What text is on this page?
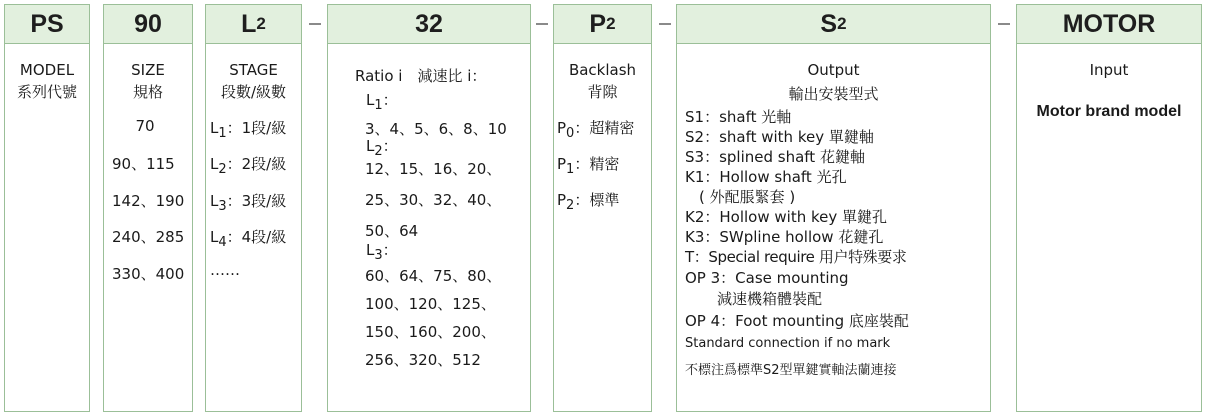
PS
MODEL
系列代號
90
SIZE
規格
70
90、115
142、190
240、285
330、400
L 2
STAGE
段數/級數
$L_1$：1段/級
$L_2$：2段/級
$L_3$：3段/級
$L_4$：4段/級
……
32
Ratio i　減速比 i：
$L_1$：
3、4、5、6、8、10
$L_2$：
12、15、16、20、
25、30、32、40、
50、64
$L_3$：
60、64、75、80、
100、120、125、
150、160、200、
256、320、512
P 2
Backlash
背隙
$P_0$：超精密
$P_1$：精密
$P_2$：標準
S 2
Output
輸出安裝型式
S1：shaft 光軸
S2：shaft with key 單鍵軸
S3：splined shaft 花鍵軸
K1：Hollow shaft 光孔
( 外配脹緊套 )
K2：Hollow with key 單鍵孔
K3：SWpline hollow 花鍵孔
T：Special require 用户特殊要求
OP 3：Case mounting
減速機箱體裝配
OP 4：Foot mounting 底座裝配
Standard connection if no mark
不標注爲標準S2型單鍵實軸法蘭連接
MOTOR
Input
Motor brand model
